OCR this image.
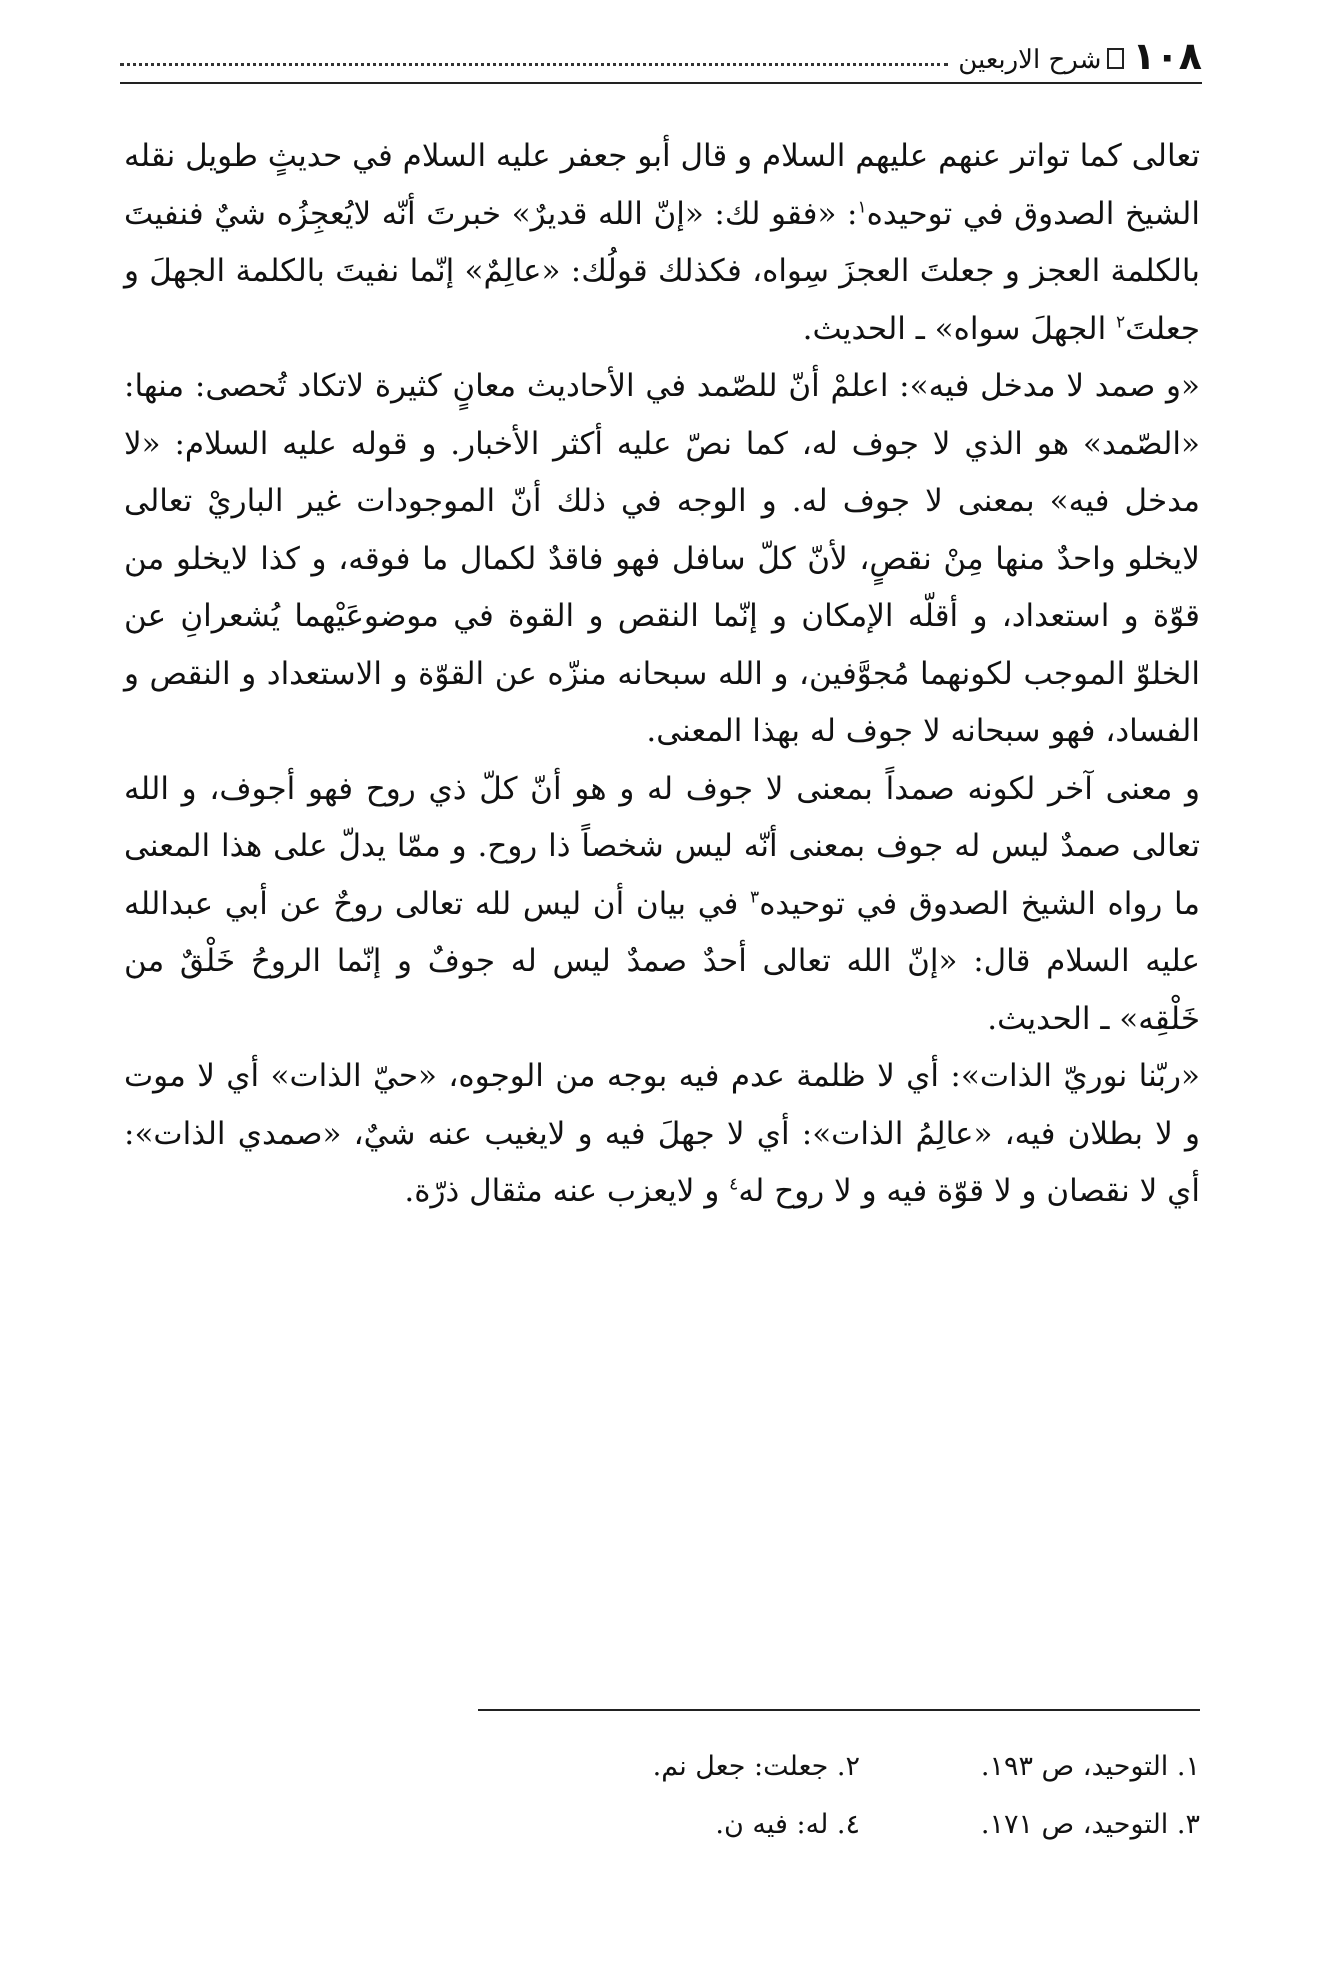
١٠٨
شرح الاربعين

تعالى كما تواتر عنهم عليهم السلام و قال أبو جعفر عليه السلام في حديثٍ طويل نقله الشيخ الصدوق في توحيده$^١$: «فقو لك: «إنّ الله قديرٌ» خبرتَ أنّه لايُعجِزُه شيٌ فنفيتَ بالكلمة العجز و جعلتَ العجزَ سِواه، فكذلك قولُك: «عالِمٌ» إنّما نفيتَ بالكلمة الجهلَ و جعلتَ$^٢$ الجهلَ سواه» ـ الحديث.

«و صمد لا مدخل فيه»: اعلمْ أنّ للصّمد في الأحاديث معانٍ كثيرة لاتكاد تُحصى: منها: «الصّمد» هو الذي لا جوف له، كما نصّ عليه أكثر الأخبار. و قوله عليه السلام: «لا مدخل فيه» بمعنى لا جوف له. و الوجه في ذلك أنّ الموجودات غير الباريْ تعالى لايخلو واحدٌ منها مِنْ نقصٍ، لأنّ كلّ سافل فهو فاقدٌ لكمال ما فوقه، و كذا لايخلو من قوّة و استعداد، و أقلّه الإمكان و إنّما النقص و القوة في موضوعَيْهما يُشعرانِ عن الخلوّ الموجب لكونهما مُجوَّفين، و الله سبحانه منزّه عن القوّة و الاستعداد و النقص و الفساد، فهو سبحانه لا جوف له بهذا المعنى.

و معنى آخر لكونه صمداً بمعنى لا جوف له و هو أنّ كلّ ذي روح فهو أجوف، و الله تعالى صمدٌ ليس له جوف بمعنى أنّه ليس شخصاً ذا روح. و ممّا يدلّ على هذا المعنى ما رواه الشيخ الصدوق في توحيده$^٣$ في بيان أن ليس لله تعالى روحٌ عن أبي عبدالله عليه السلام قال: «إنّ الله تعالى أحدٌ صمدٌ ليس له جوفٌ و إنّما الروحُ خَلْقٌ من خَلْقِه» ـ الحديث.

«ربّنا نوريّ الذات»: أي لا ظلمة عدم فيه بوجه من الوجوه، «حيّ الذات» أي لا موت و لا بطلان فيه، «عالِمُ الذات»: أي لا جهلَ فيه و لايغيب عنه شيٌ، «صمدي الذات»: أي لا نقصان و لا قوّة فيه و لا روح له$^٤$ و لايعزب عنه مثقال ذرّة.

١. التوحيد، ص ١٩٣.
٢. جعلت: جعل نم.
٣. التوحيد، ص ١٧١.
٤. له: فيه ن.
